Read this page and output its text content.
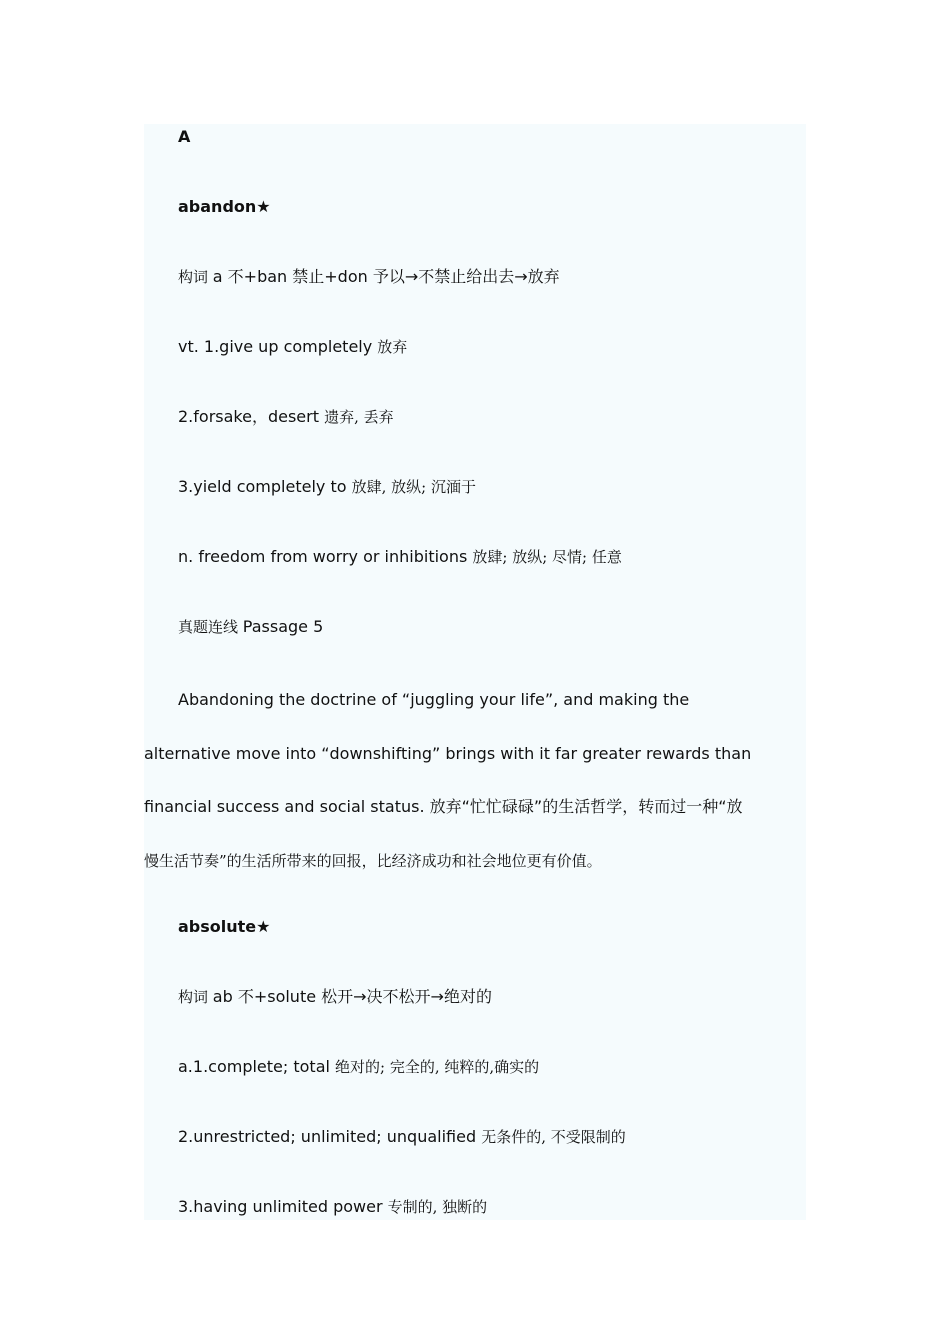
A
abandon★
构词 a 不+ban 禁止+don 予以→不禁止给出去→放弃
vt. 1.give up completely 放弃
2.forsake，desert 遗弃, 丢弃
3.yield completely to 放肆, 放纵; 沉湎于
n. freedom from worry or inhibitions 放肆; 放纵; 尽情; 任意
真题连线 Passage 5
Abandoning the doctrine of “juggling your life”, and making the
alternative move into “downshifting” brings with it far greater rewards than
financial success and social status. 放弃“忙忙碌碌”的生活哲学，转而过一种“放
慢生活节奏”的生活所带来的回报，比经济成功和社会地位更有价值。
absolute★
构词 ab 不+solute 松开→决不松开→绝对的
a.1.complete; total 绝对的; 完全的, 纯粹的,确实的
2.unrestricted; unlimited; unqualified 无条件的, 不受限制的
3.having unlimited power 专制的, 独断的
